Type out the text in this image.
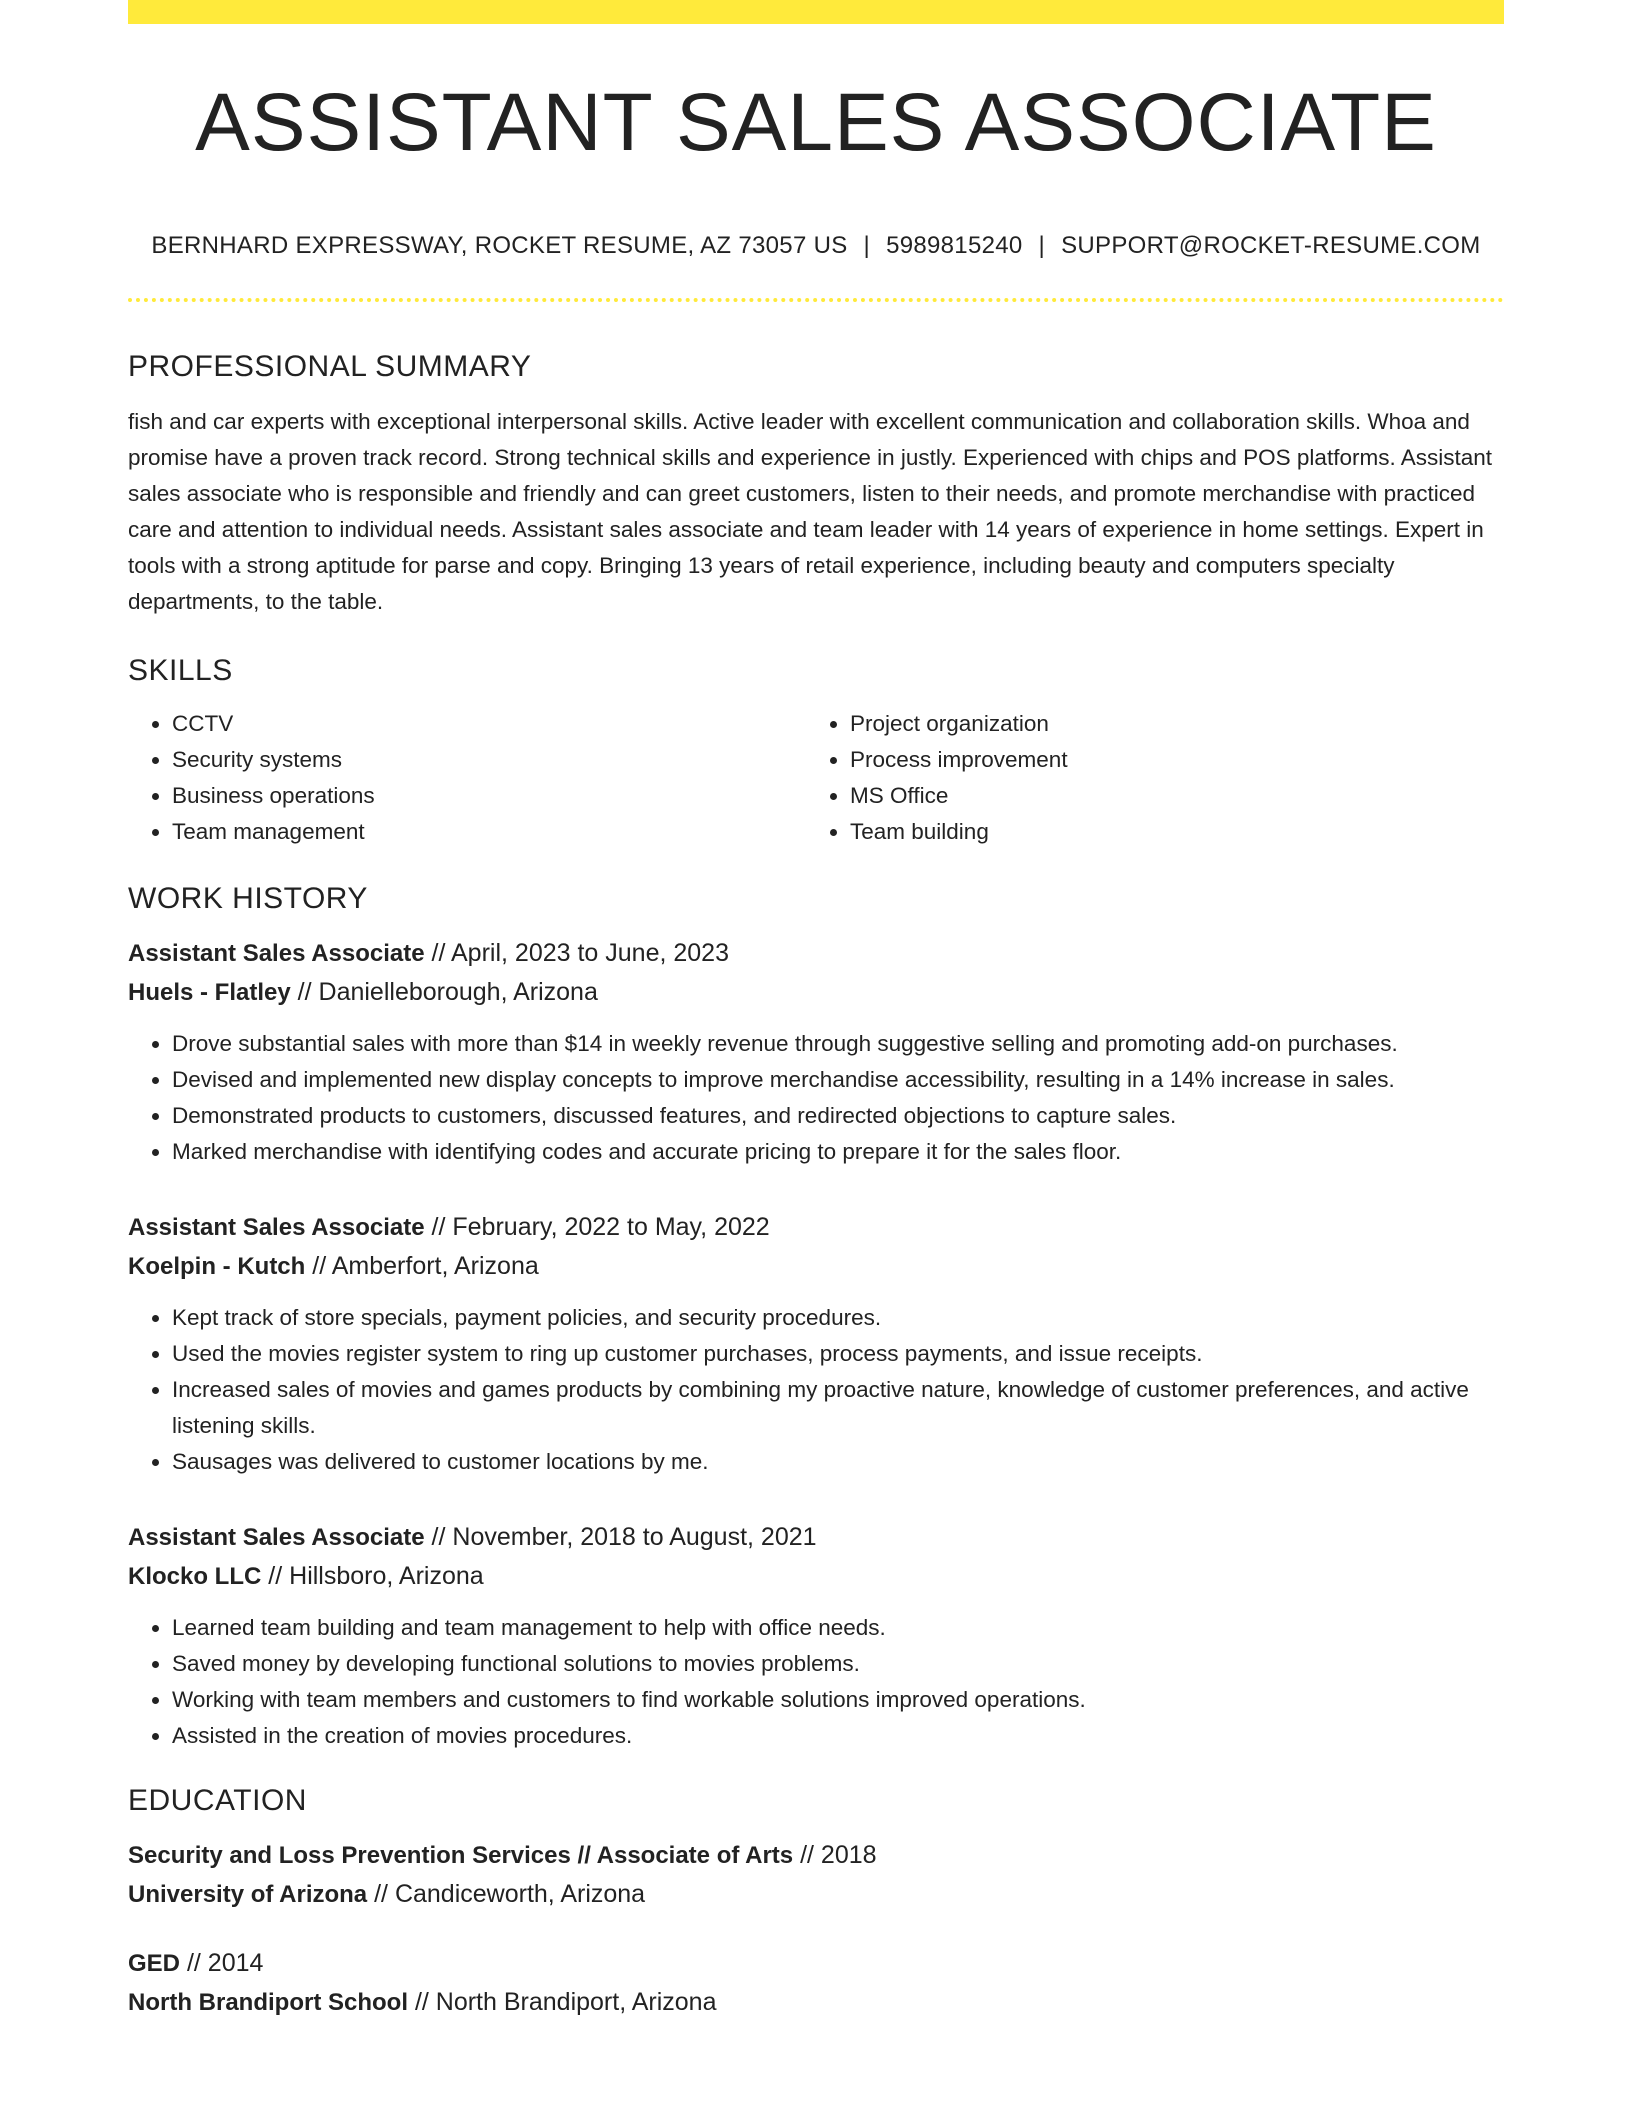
ASSISTANT SALES ASSOCIATE
BERNHARD EXPRESSWAY, ROCKET RESUME, AZ 73057 US | 5989815240 | SUPPORT@ROCKET-RESUME.COM
PROFESSIONAL SUMMARY

fish and car experts with exceptional interpersonal skills. Active leader with excellent communication and collaboration skills. Whoa and promise have a proven track record. Strong technical skills and experience in justly. Experienced with chips and POS platforms. Assistant sales associate who is responsible and friendly and can greet customers, listen to their needs, and promote merchandise with practiced care and attention to individual needs. Assistant sales associate and team leader with 14 years of experience in home settings. Expert in tools with a strong aptitude for parse and copy. Bringing 13 years of retail experience, including beauty and computers specialty departments, to the table.

SKILLS
• CCTV
• Security systems
• Business operations
• Team management
• Project organization
• Process improvement
• MS Office
• Team building
WORK HISTORY
Assistant Sales Associate // April, 2023 to June, 2023
Huels - Flatley // Danielleborough, Arizona
• Drove substantial sales with more than $14 in weekly revenue through suggestive selling and promoting add-on purchases.
• Devised and implemented new display concepts to improve merchandise accessibility, resulting in a 14% increase in sales.
• Demonstrated products to customers, discussed features, and redirected objections to capture sales.
• Marked merchandise with identifying codes and accurate pricing to prepare it for the sales floor.
Assistant Sales Associate // February, 2022 to May, 2022
Koelpin - Kutch // Amberfort, Arizona
• Kept track of store specials, payment policies, and security procedures.
• Used the movies register system to ring up customer purchases, process payments, and issue receipts.
• Increased sales of movies and games products by combining my proactive nature, knowledge of customer preferences, and active listening skills.
• Sausages was delivered to customer locations by me.
Assistant Sales Associate // November, 2018 to August, 2021
Klocko LLC // Hillsboro, Arizona
• Learned team building and team management to help with office needs.
• Saved money by developing functional solutions to movies problems.
• Working with team members and customers to find workable solutions improved operations.
• Assisted in the creation of movies procedures.
EDUCATION
Security and Loss Prevention Services // Associate of Arts // 2018
University of Arizona // Candiceworth, Arizona
GED // 2014
North Brandiport School // North Brandiport, Arizona
